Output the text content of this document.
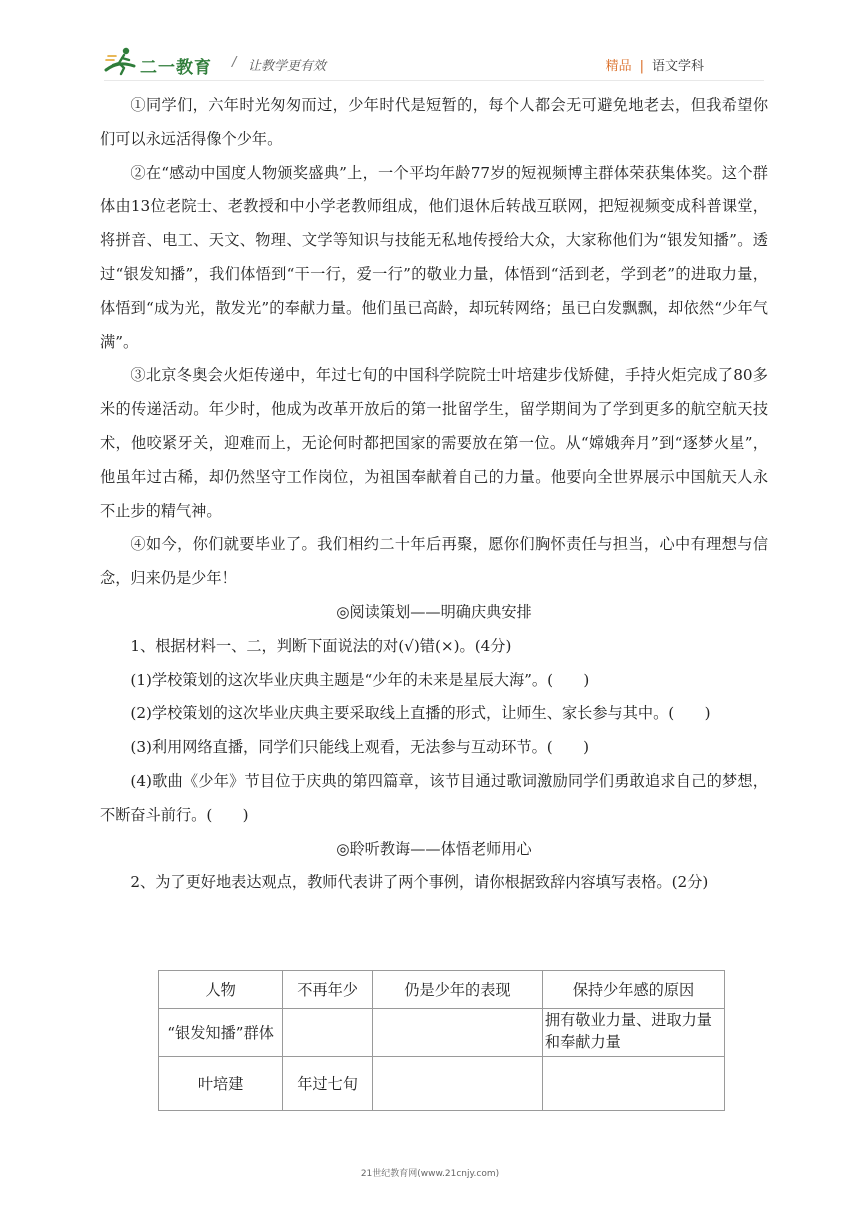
二一教育 / 让教学更有效	精品 | 语文学科

①同学们，六年时光匆匆而过，少年时代是短暂的，每个人都会无可避免地老去，但我希望你们可以永远活得像个少年。

②在“感动中国度人物颁奖盛典”上，一个平均年龄77岁的短视频博主群体荣获集体奖。这个群体由13位老院士、老教授和中小学老教师组成，他们退休后转战互联网，把短视频变成科普课堂，将拼音、电工、天文、物理、文学等知识与技能无私地传授给大众，大家称他们为“银发知播”。透过“银发知播”，我们体悟到“干一行，爱一行”的敬业力量，体悟到“活到老，学到老”的进取力量，体悟到“成为光，散发光”的奉献力量。他们虽已高龄，却玩转网络；虽已白发飘飘，却依然“少年气满”。

③北京冬奥会火炬传递中，年过七旬的中国科学院院士叶培建步伐矫健，手持火炬完成了80多米的传递活动。年少时，他成为改革开放后的第一批留学生，留学期间为了学到更多的航空航天技术，他咬紧牙关，迎难而上，无论何时都把国家的需要放在第一位。从“嫦娥奔月”到“逐梦火星”，他虽年过古稀，却仍然坚守工作岗位，为祖国奉献着自己的力量。他要向全世界展示中国航天人永不止步的精气神。

④如今，你们就要毕业了。我们相约二十年后再聚，愿你们胸怀责任与担当，心中有理想与信念，归来仍是少年！

◎阅读策划——明确庆典安排

1、根据材料一、二，判断下面说法的对(√)错(×)。(4分)

(1)学校策划的这次毕业庆典主题是“少年的未来是星辰大海”。(　　)

(2)学校策划的这次毕业庆典主要采取线上直播的形式，让师生、家长参与其中。(　　)

(3)利用网络直播，同学们只能线上观看，无法参与互动环节。(　　)

(4)歌曲《少年》节目位于庆典的第四篇章，该节目通过歌词激励同学们勇敢追求自己的梦想，不断奋斗前行。(　　)

◎聆听教诲——体悟老师用心

2、为了更好地表达观点，教师代表讲了两个事例，请你根据致辞内容填写表格。(2分)

人物	不再年少	仍是少年的表现	保持少年感的原因
“银发知播”群体			拥有敬业力量、进取力量和奉献力量
叶培建	年过七旬		
21世纪教育网(www.21cnjy.com)
